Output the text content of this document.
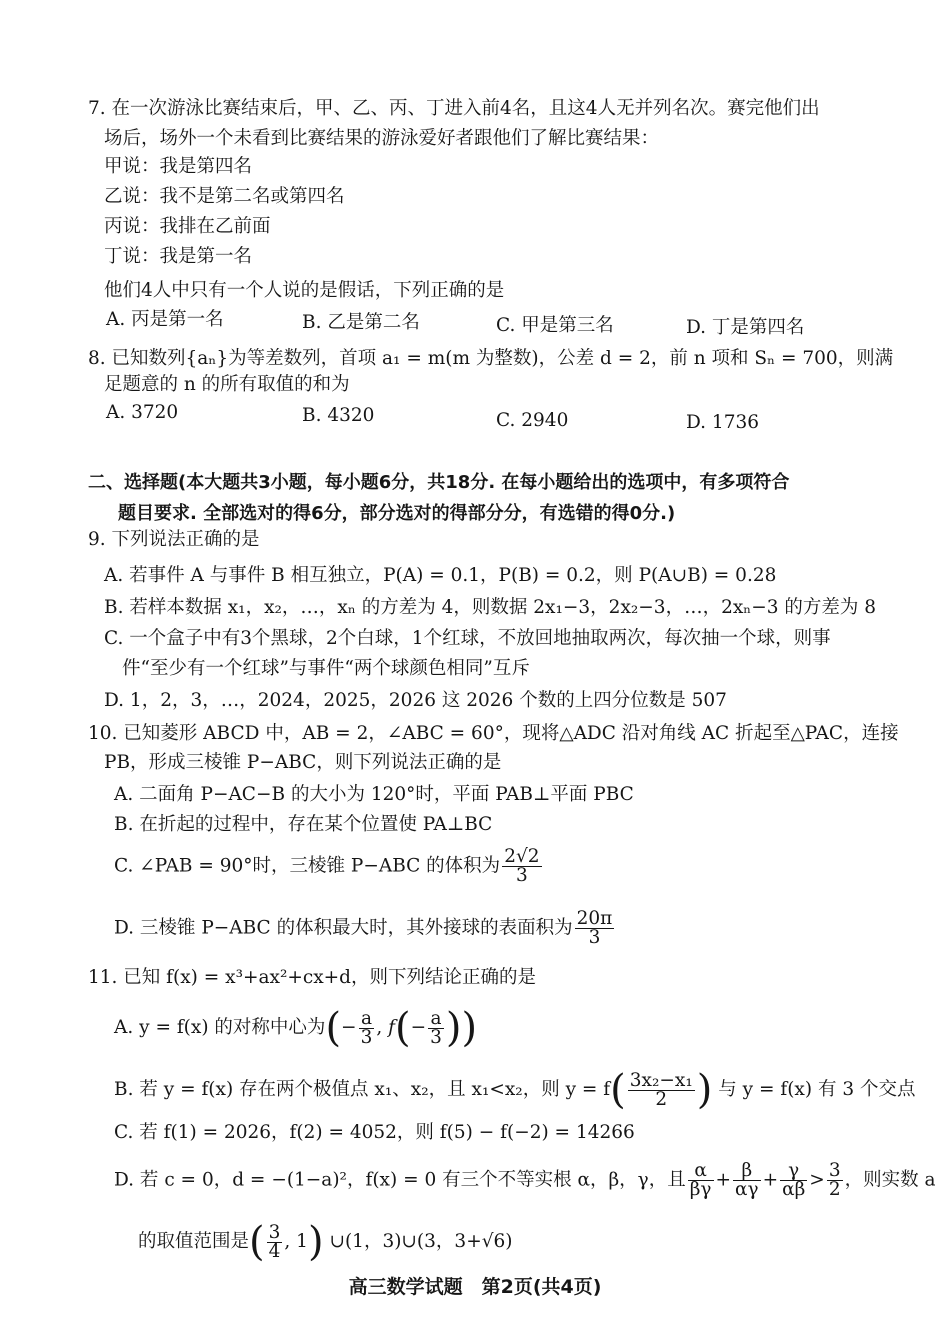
7. 在一次游泳比赛结束后，甲、乙、丙、丁进入前4名，且这4人无并列名次。赛完他们出
场后，场外一个未看到比赛结果的游泳爱好者跟他们了解比赛结果：
甲说：我是第四名
乙说：我不是第二名或第四名
丙说：我排在乙前面
丁说：我是第一名
他们4人中只有一个人说的是假话，下列正确的是
A. 丙是第一名	B. 乙是第二名	C. 甲是第三名	D. 丁是第四名
8. 已知数列{aₙ}为等差数列，首项 a₁ = m(m 为整数)，公差 d = 2，前 n 项和 Sₙ = 700，则满
足题意的 n 的所有取值的和为
A. 3720	B. 4320	C. 2940	D. 1736
二、选择题(本大题共3小题，每小题6分，共18分. 在每小题给出的选项中，有多项符合
题目要求. 全部选对的得6分，部分选对的得部分分，有选错的得0分.)
9. 下列说法正确的是
A. 若事件 A 与事件 B 相互独立，P(A) = 0.1，P(B) = 0.2，则 P(A∪B) = 0.28
B. 若样本数据 x₁，x₂，…，xₙ 的方差为 4，则数据 2x₁−3，2x₂−3，…，2xₙ−3 的方差为 8
C. 一个盒子中有3个黑球，2个白球，1个红球，不放回地抽取两次，每次抽一个球，则事
件“至少有一个红球”与事件“两个球颜色相同”互斥
D. 1，2，3，…，2024，2025，2026 这 2026 个数的上四分位数是 507
10. 已知菱形 ABCD 中，AB = 2，∠ABC = 60°，现将△ADC 沿对角线 AC 折起至△PAC，连接
PB，形成三棱锥 P−ABC，则下列说法正确的是
A. 二面角 P−AC−B 的大小为 120°时，平面 PAB⊥平面 PBC
B. 在折起的过程中，存在某个位置使 PA⊥BC
C. ∠PAB = 90°时，三棱锥 P−ABC 的体积为 $\frac{2√2}{3}$
D. 三棱锥 P−ABC 的体积最大时，其外接球的表面积为 $\frac{20\pi}{3}$
11. 已知 f(x) = x³+ax²+cx+d，则下列结论正确的是
A. y = f(x) 的对称中心为(− $\frac{a}{3}$ , $f(- \frac{a}{3}$ ))
B. 若 y = f(x) 存在两个极值点 x₁、x₂，且 x₁<x₂，则 $y = f( \frac{\text{3x₂−x₁}}{2}$ ) 与 y = f(x) 有 3 个交点
C. 若 f(1) = 2026，f(2) = 4052，则 f(5) − f(−2) = 14266
D. 若 c = 0，d = −(1−a)²，f(x) = 0 有三个不等实根 α，β，γ，且 $\frac{\alpha}{\beta\gamma} + \frac{\beta}{\alpha\gamma} + \frac{\gamma}{\alpha\beta} > \frac{3}{2}$ ，则实数 a
的取值范围是( $\frac{3}{4}$ , 1) ∪(1，3)∪(3，3+√6)
高三数学试题　第2页(共4页)
